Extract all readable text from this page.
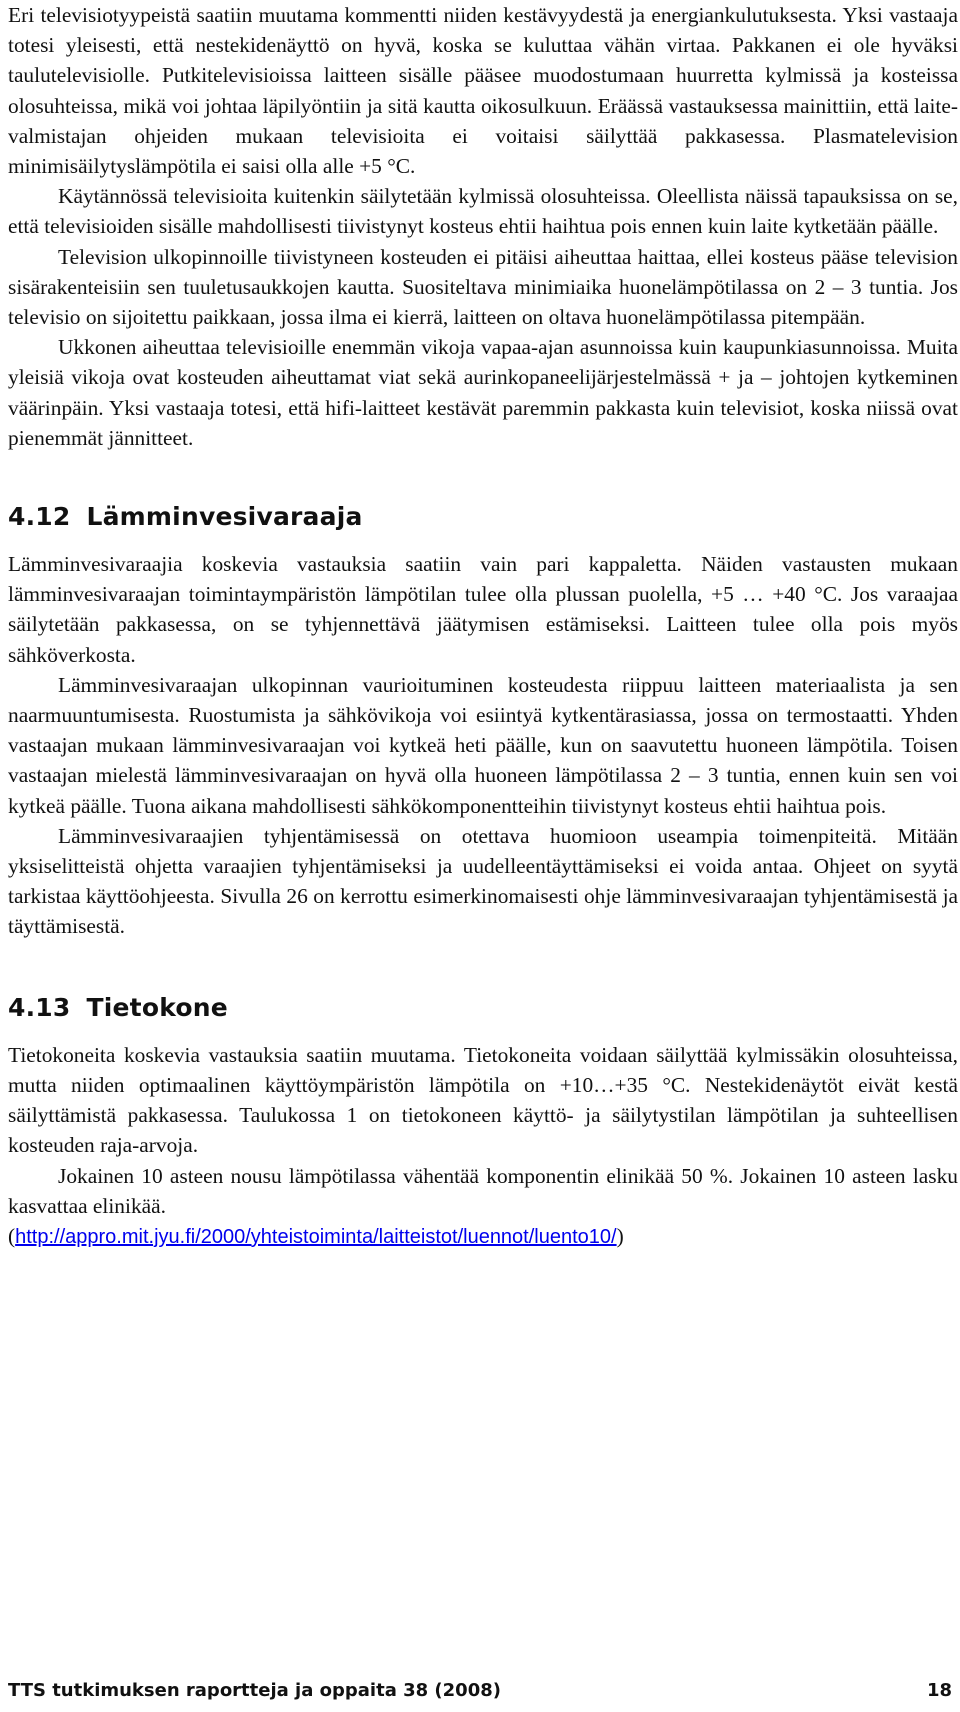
Eri televisiotyypeistä saatiin muutama kommentti niiden kestävyydestä ja energiankulutuksesta. Yksi vastaaja totesi yleisesti, että nestekidenäyttö on hyvä, koska se kuluttaa vähän virtaa. Pakkanen ei ole hyväksi taulutelevisiolle. Putkitelevisioissa laitteen sisälle pääsee muodostumaan huurretta kylmissä ja kosteissa olosuhteissa, mikä voi johtaa läpilyöntiin ja sitä kautta oikosulkuun. Eräässä vastauksessa mainittiin, että laitevalmistajan ohjeiden mukaan televisioita ei voitaisi säilyttää pakkasessa. Plasmatelevision minimisäilytyslämpötila ei saisi olla alle +5 °C.

Käytännössä televisioita kuitenkin säilytetään kylmissä olosuhteissa. Oleellista näissä tapauksissa on se, että televisioiden sisälle mahdollisesti tiivistynyt kosteus ehtii haihtua pois ennen kuin laite kytketään päälle.

Television ulkopinnoille tiivistyneen kosteuden ei pitäisi aiheuttaa haittaa, ellei kosteus pääse television sisärakenteisiin sen tuuletusaukkojen kautta. Suositeltava minimiaika huonelämpötilassa on 2 – 3 tuntia. Jos televisio on sijoitettu paikkaan, jossa ilma ei kierrä, laitteen on oltava huonelämpötilassa pitempään.

Ukkonen aiheuttaa televisioille enemmän vikoja vapaa-ajan asunnoissa kuin kaupunkiasunnoissa. Muita yleisiä vikoja ovat kosteuden aiheuttamat viat sekä aurinkopaneelijärjestelmässä + ja – johtojen kytkeminen väärinpäin. Yksi vastaaja totesi, että hifi-laitteet kestävät paremmin pakkasta kuin televisiot, koska niissä ovat pienemmät jännitteet.

4.12 Lämminvesivaraaja

Lämminvesivaraajia koskevia vastauksia saatiin vain pari kappaletta. Näiden vastausten mukaan lämminvesivaraajan toimintaympäristön lämpötilan tulee olla plussan puolella, +5 … +40 °C. Jos varaajaa säilytetään pakkasessa, on se tyhjennettävä jäätymisen estämiseksi. Laitteen tulee olla pois myös sähköverkosta.

Lämminvesivaraajan ulkopinnan vaurioituminen kosteudesta riippuu laitteen materiaalista ja sen naarmuuntumisesta. Ruostumista ja sähkövikoja voi esiintyä kytkentärasiassa, jossa on termostaatti. Yhden vastaajan mukaan lämminvesivaraajan voi kytkeä heti päälle, kun on saavutettu huoneen lämpötila. Toisen vastaajan mielestä lämminvesivaraajan on hyvä olla huoneen lämpötilassa 2 – 3 tuntia, ennen kuin sen voi kytkeä päälle. Tuona aikana mahdollisesti sähkökomponentteihin tiivistynyt kosteus ehtii haihtua pois.

Lämminvesivaraajien tyhjentämisessä on otettava huomioon useampia toimenpiteitä. Mitään yksiselitteistä ohjetta varaajien tyhjentämiseksi ja uudelleentäyttämiseksi ei voida antaa. Ohjeet on syytä tarkistaa käyttöohjeesta. Sivulla 26 on kerrottu esimerkinomaisesti ohje lämminvesivaraajan tyhjentämisestä ja täyttämisestä.

4.13 Tietokone

Tietokoneita koskevia vastauksia saatiin muutama. Tietokoneita voidaan säilyttää kylmissäkin olosuhteissa, mutta niiden optimaalinen käyttöympäristön lämpötila on +10…+35 °C. Nestekidenäytöt eivät kestä säilyttämistä pakkasessa. Taulukossa 1 on tietokoneen käyttö- ja säilytystilan lämpötilan ja suhteellisen kosteuden raja-arvoja.

Jokainen 10 asteen nousu lämpötilassa vähentää komponentin elinikää 50 %. Jokainen 10 asteen lasku kasvattaa elinikää.

(http://appro.mit.jyu.fi/2000/yhteistoiminta/laitteistot/luennot/luento10/)

TTS tutkimuksen raportteja ja oppaita 38 (2008)	18
